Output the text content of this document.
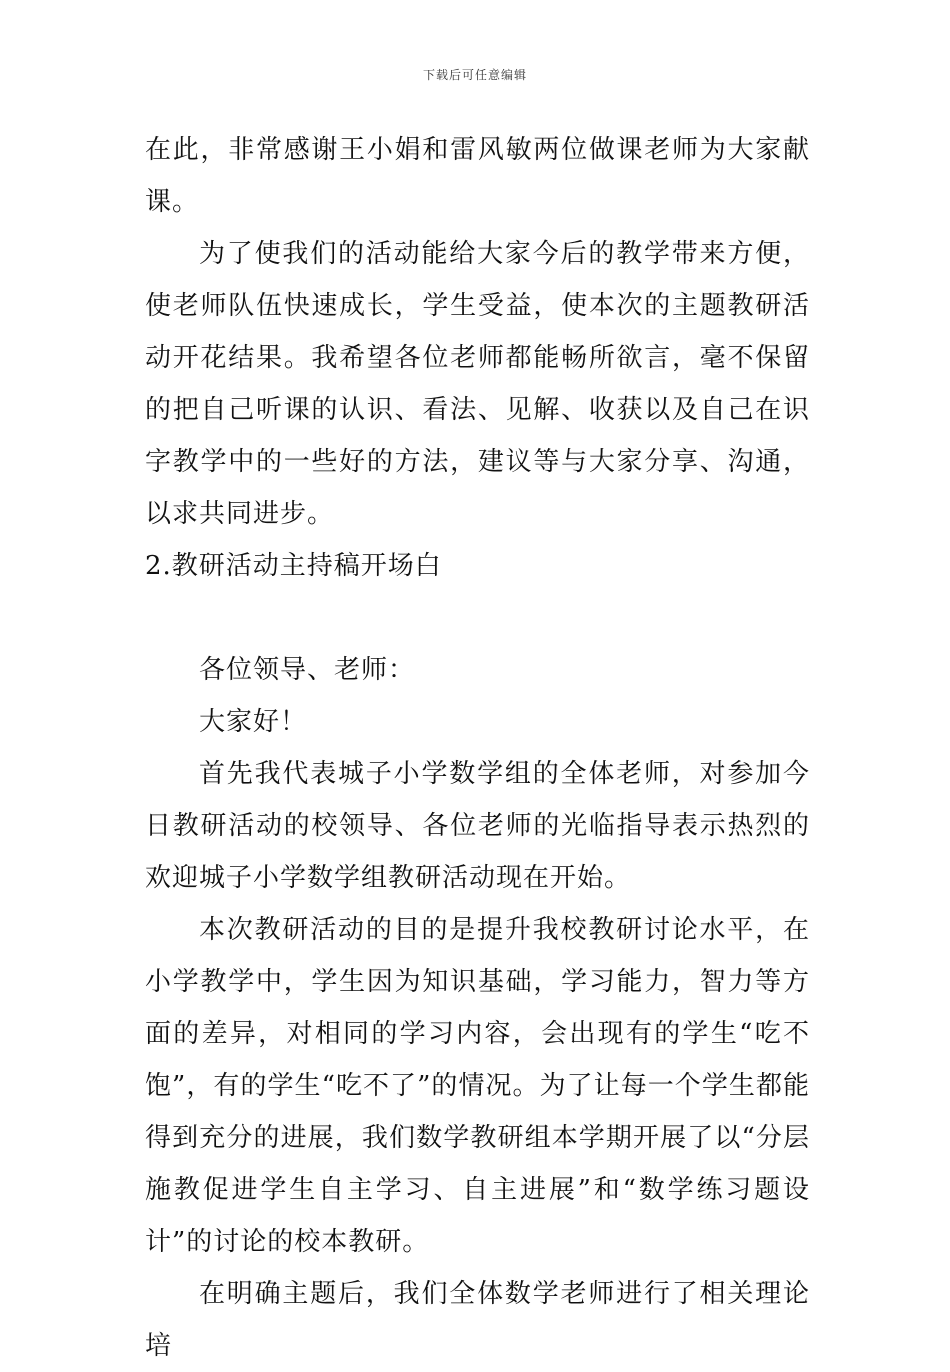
下载后可任意编辑

在此，非常感谢王小娟和雷风敏两位做课老师为大家献课。

为了使我们的活动能给大家今后的教学带来方便，使老师队伍快速成长，学生受益，使本次的主题教研活动开花结果。我希望各位老师都能畅所欲言，毫不保留的把自己听课的认识、看法、见解、收获以及自己在识字教学中的一些好的方法，建议等与大家分享、沟通，以求共同进步。

2.教研活动主持稿开场白

各位领导、老师：

大家好！

首先我代表城子小学数学组的全体老师，对参加今日教研活动的校领导、各位老师的光临指导表示热烈的欢迎城子小学数学组教研活动现在开始。

本次教研活动的目的是提升我校教研讨论水平，在小学教学中，学生因为知识基础，学习能力，智力等方面的差异，对相同的学习内容，会出现有的学生“吃不饱”，有的学生“吃不了”的情况。为了让每一个学生都能得到充分的进展，我们数学教研组本学期开展了以“分层施教促进学生自主学习、自主进展”和“数学练习题设计”的讨论的校本教研。

在明确主题后，我们全体数学老师进行了相关理论培
